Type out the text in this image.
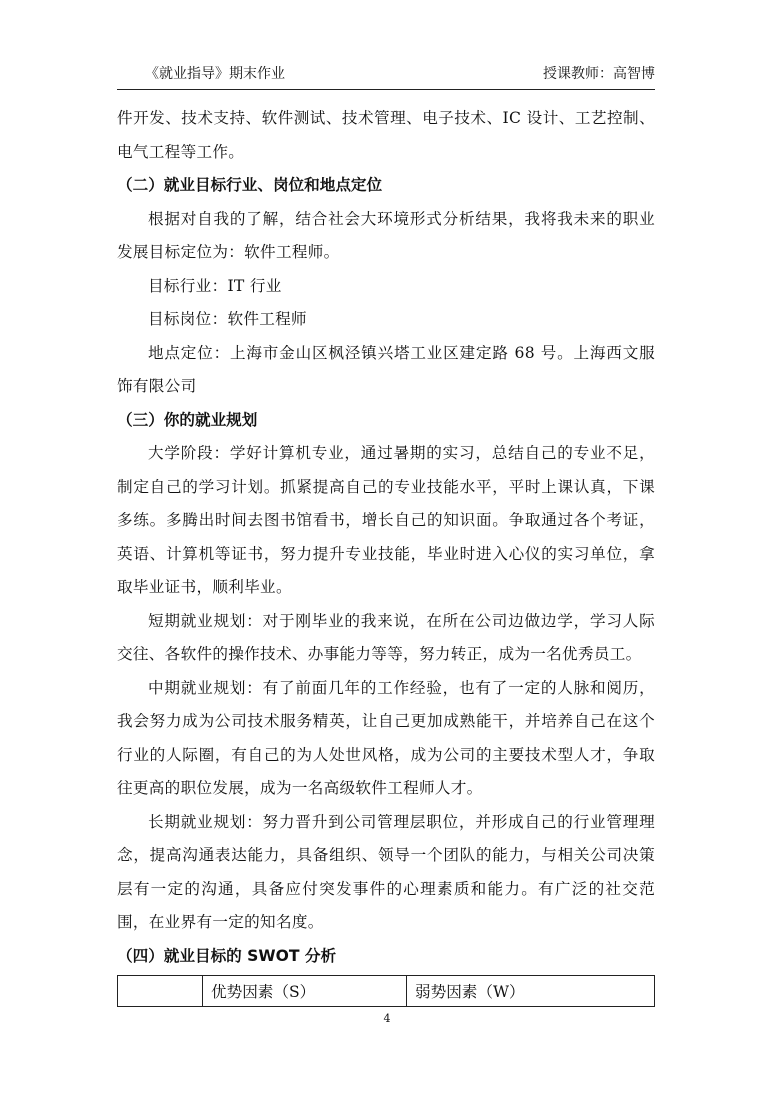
《就业指导》期末作业	授课教师：高智博

件开发、技术支持、软件测试、技术管理、电子技术、IC 设计、工艺控制、电气工程等工作。

（二）就业目标行业、岗位和地点定位

根据对自我的了解，结合社会大环境形式分析结果，我将我未来的职业发展目标定位为：软件工程师。

目标行业：IT 行业

目标岗位：软件工程师

地点定位：上海市金山区枫泾镇兴塔工业区建定路 68 号。上海西文服饰有限公司

（三）你的就业规划

大学阶段：学好计算机专业，通过暑期的实习，总结自己的专业不足，制定自己的学习计划。抓紧提高自己的专业技能水平，平时上课认真，下课多练。多腾出时间去图书馆看书，增长自己的知识面。争取通过各个考证，英语、计算机等证书，努力提升专业技能，毕业时进入心仪的实习单位，拿取毕业证书，顺利毕业。

短期就业规划：对于刚毕业的我来说，在所在公司边做边学，学习人际交往、各软件的操作技术、办事能力等等，努力转正，成为一名优秀员工。

中期就业规划：有了前面几年的工作经验，也有了一定的人脉和阅历，我会努力成为公司技术服务精英，让自己更加成熟能干，并培养自己在这个行业的人际圈，有自己的为人处世风格，成为公司的主要技术型人才，争取往更高的职位发展，成为一名高级软件工程师人才。

长期就业规划：努力晋升到公司管理层职位，并形成自己的行业管理理念，提高沟通表达能力，具备组织、领导一个团队的能力，与相关公司决策层有一定的沟通，具备应付突发事件的心理素质和能力。有广泛的社交范围，在业界有一定的知名度。

（四）就业目标的 SWOT 分析
	优势因素（S）	弱势因素（W）
4
